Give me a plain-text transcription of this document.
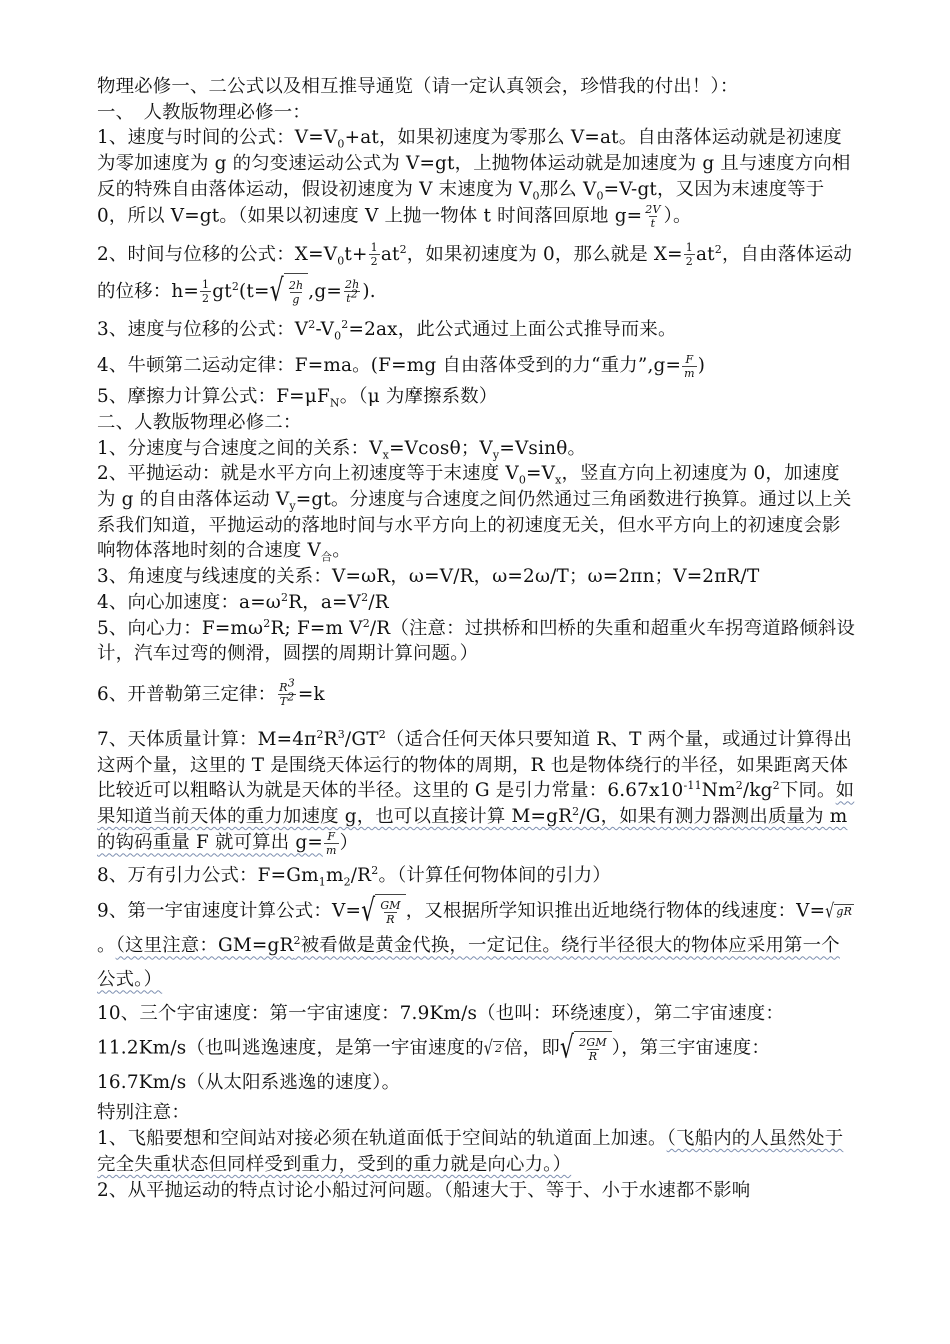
物理必修一、二公式以及相互推导通览（请一定认真领会，珍惜我的付出！）：

一、　人教版物理必修一：

1、速度与时间的公式：$V=V_0+at$，如果初速度为零那么 V=at。自由落体运动就是初速度为零加速度为 g 的匀变速运动公式为 V=gt，上抛物体运动就是加速度为 g 且与速度方向相反的特殊自由落体运动，假设初速度为 V 末速度为 $V_0$那么 $V_0=V-gt$，又因为末速度等于 0，所以 V=gt。（如果以初速度 V 上抛一物体 t 时间落回原地 $g= \frac{2V}{t}$ ）。

2、时间与位移的公式：$X=V_0t+ \frac{1}{2} at^2$，如果初速度为 0，那么就是 $X= \frac{1}{2} at^2$，自由落体运动的位移：$h= \frac{1}{2} gt^2(t=$ √ $\frac{2h}{g} ,g= \frac{2h}{t^2}$ ).

3、速度与位移的公式：$V^2-V_0^2=2ax$，此公式通过上面公式推导而来。

4、牛顿第二运动定律：F=ma。(F=mg 自由落体受到的力“重力”,g= $\frac{F}{m}$ )

5、摩擦力计算公式：$F=\mu F_N$。（μ 为摩擦系数）

二、人教版物理必修二：

1、分速度与合速度之间的关系：$V_x=Vcos\theta$；$V_y=Vsin\theta$。

2、平抛运动：就是水平方向上初速度等于末速度 $V_0=V_x$，竖直方向上初速度为 0，加速度为 g 的自由落体运动 $V_y=gt$。分速度与合速度之间仍然通过三角函数进行换算。通过以上关系我们知道，平抛运动的落地时间与水平方向上的初速度无关，但水平方向上的初速度会影响物体落地时刻的合速度 $V_合$。

3、角速度与线速度的关系：V=ωR，ω=V/R，ω=2ω/T；ω=2πn；V=2πR/T

4、向心加速度：$a=\omega^2R$，$a=V^2/R$

5、向心力：$F=m\omega^2R$; F=m $V^2/R$（注意：过拱桥和凹桥的失重和超重火车拐弯道路倾斜设计，汽车过弯的侧滑，圆摆的周期计算问题。）

6、开普勒第三定律： $\frac{R^3}{T^2} =k$

7、天体质量计算：$M=4\pi^2R^3/GT^2$（适合任何天体只要知道 R、T 两个量，或通过计算得出这两个量，这里的 T 是围绕天体运行的物体的周期，R 也是物体绕行的半径，如果距离天体比较近可以粗略认为就是天体的半径。这里的 G 是引力常量：$6.67x10^{-11}Nm^2/kg^2$下同。如果知道当前天体的重力加速度 g，也可以直接计算 $M=gR^2/G$，如果有测力器测出质量为 m 的钩码重量 F 就可算出 $g= \frac{F}{m}$ ）

8、万有引力公式：$F=Gm_1m_2/R^2$。（计算任何物体间的引力）

9、第一宇宙速度计算公式：V= √ $\frac{GM}{R}$ ，又根据所学知识推出近地绕行物体的线速度：V= √ gR
。（这里注意：$GM=gR^2$被看做是黄金代换，一定记住。绕行半径很大的物体应采用第一个公式。）

10、三个宇宙速度：第一宇宙速度：7.9Km/s（也叫：环绕速度），第二宇宙速度：11.2Km/s（也叫逃逸速度，是第一宇宙速度的 √ 2 倍，即 √ $\frac{2GM}{R}$ ），第三宇宙速度：16.7Km/s（从太阳系逃逸的速度）。

特别注意：

1、飞船要想和空间站对接必须在轨道面低于空间站的轨道面上加速。（飞船内的人虽然处于完全失重状态但同样受到重力，受到的重力就是向心力。）

2、从平抛运动的特点讨论小船过河问题。（船速大于、等于、小于水速都不影响
